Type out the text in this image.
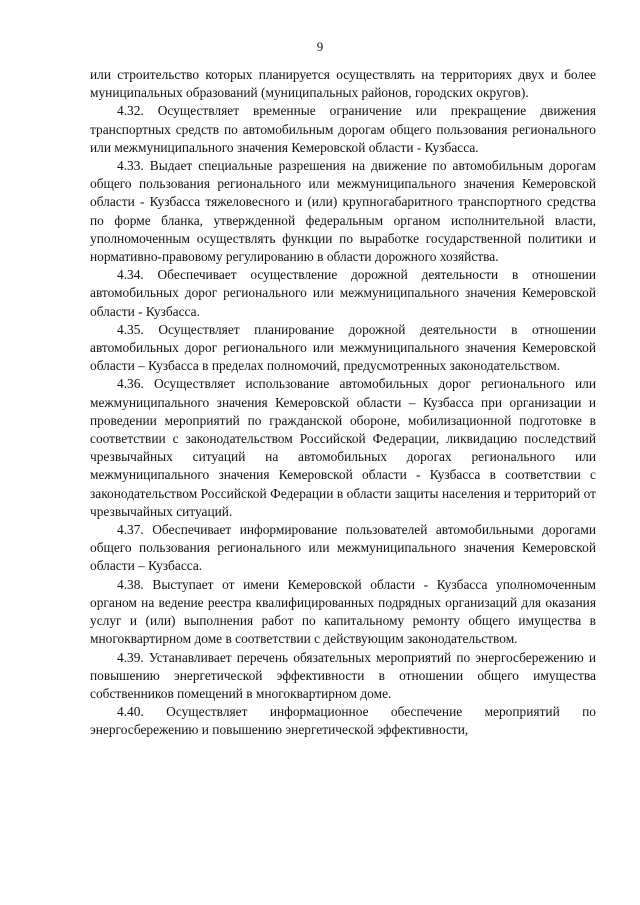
9

или строительство которых планируется осуществлять на территориях двух и более муниципальных образований (муниципальных районов, городских округов).

4.32. Осуществляет временные ограничение или прекращение движения транспортных средств по автомобильным дорогам общего пользования регионального или межмуниципального значения Кемеровской области - Кузбасса.

4.33. Выдает специальные разрешения на движение по автомобильным дорогам общего пользования регионального или межмуниципального значения Кемеровской области - Кузбасса тяжеловесного и (или) крупногабаритного транспортного средства по форме бланка, утвержденной федеральным органом исполнительной власти, уполномоченным осуществлять функции по выработке государственной политики и нормативно-правовому регулированию в области дорожного хозяйства.

4.34. Обеспечивает осуществление дорожной деятельности в отношении автомобильных дорог регионального или межмуниципального значения Кемеровской области - Кузбасса.

4.35. Осуществляет планирование дорожной деятельности в отношении автомобильных дорог регионального или межмуниципального значения Кемеровской области – Кузбасса в пределах полномочий, предусмотренных законодательством.

4.36. Осуществляет использование автомобильных дорог регионального или межмуниципального значения Кемеровской области – Кузбасса при организации и проведении мероприятий по гражданской обороне, мобилизационной подготовке в соответствии с законодательством Российской Федерации, ликвидацию последствий чрезвычайных ситуаций на автомобильных дорогах регионального или межмуниципального значения Кемеровской области - Кузбасса в соответствии с законодательством Российской Федерации в области защиты населения и территорий от чрезвычайных ситуаций.

4.37. Обеспечивает информирование пользователей автомобильными дорогами общего пользования регионального или межмуниципального значения Кемеровской области – Кузбасса.

4.38. Выступает от имени Кемеровской области - Кузбасса уполномоченным органом на ведение реестра квалифицированных подрядных организаций для оказания услуг и (или) выполнения работ по капитальному ремонту общего имущества в многоквартирном доме в соответствии с действующим законодательством.

4.39. Устанавливает перечень обязательных мероприятий по энергосбережению и повышению энергетической эффективности в отношении общего имущества собственников помещений в многоквартирном доме.

4.40. Осуществляет информационное обеспечение мероприятий по энергосбережению и повышению энергетической эффективности,
